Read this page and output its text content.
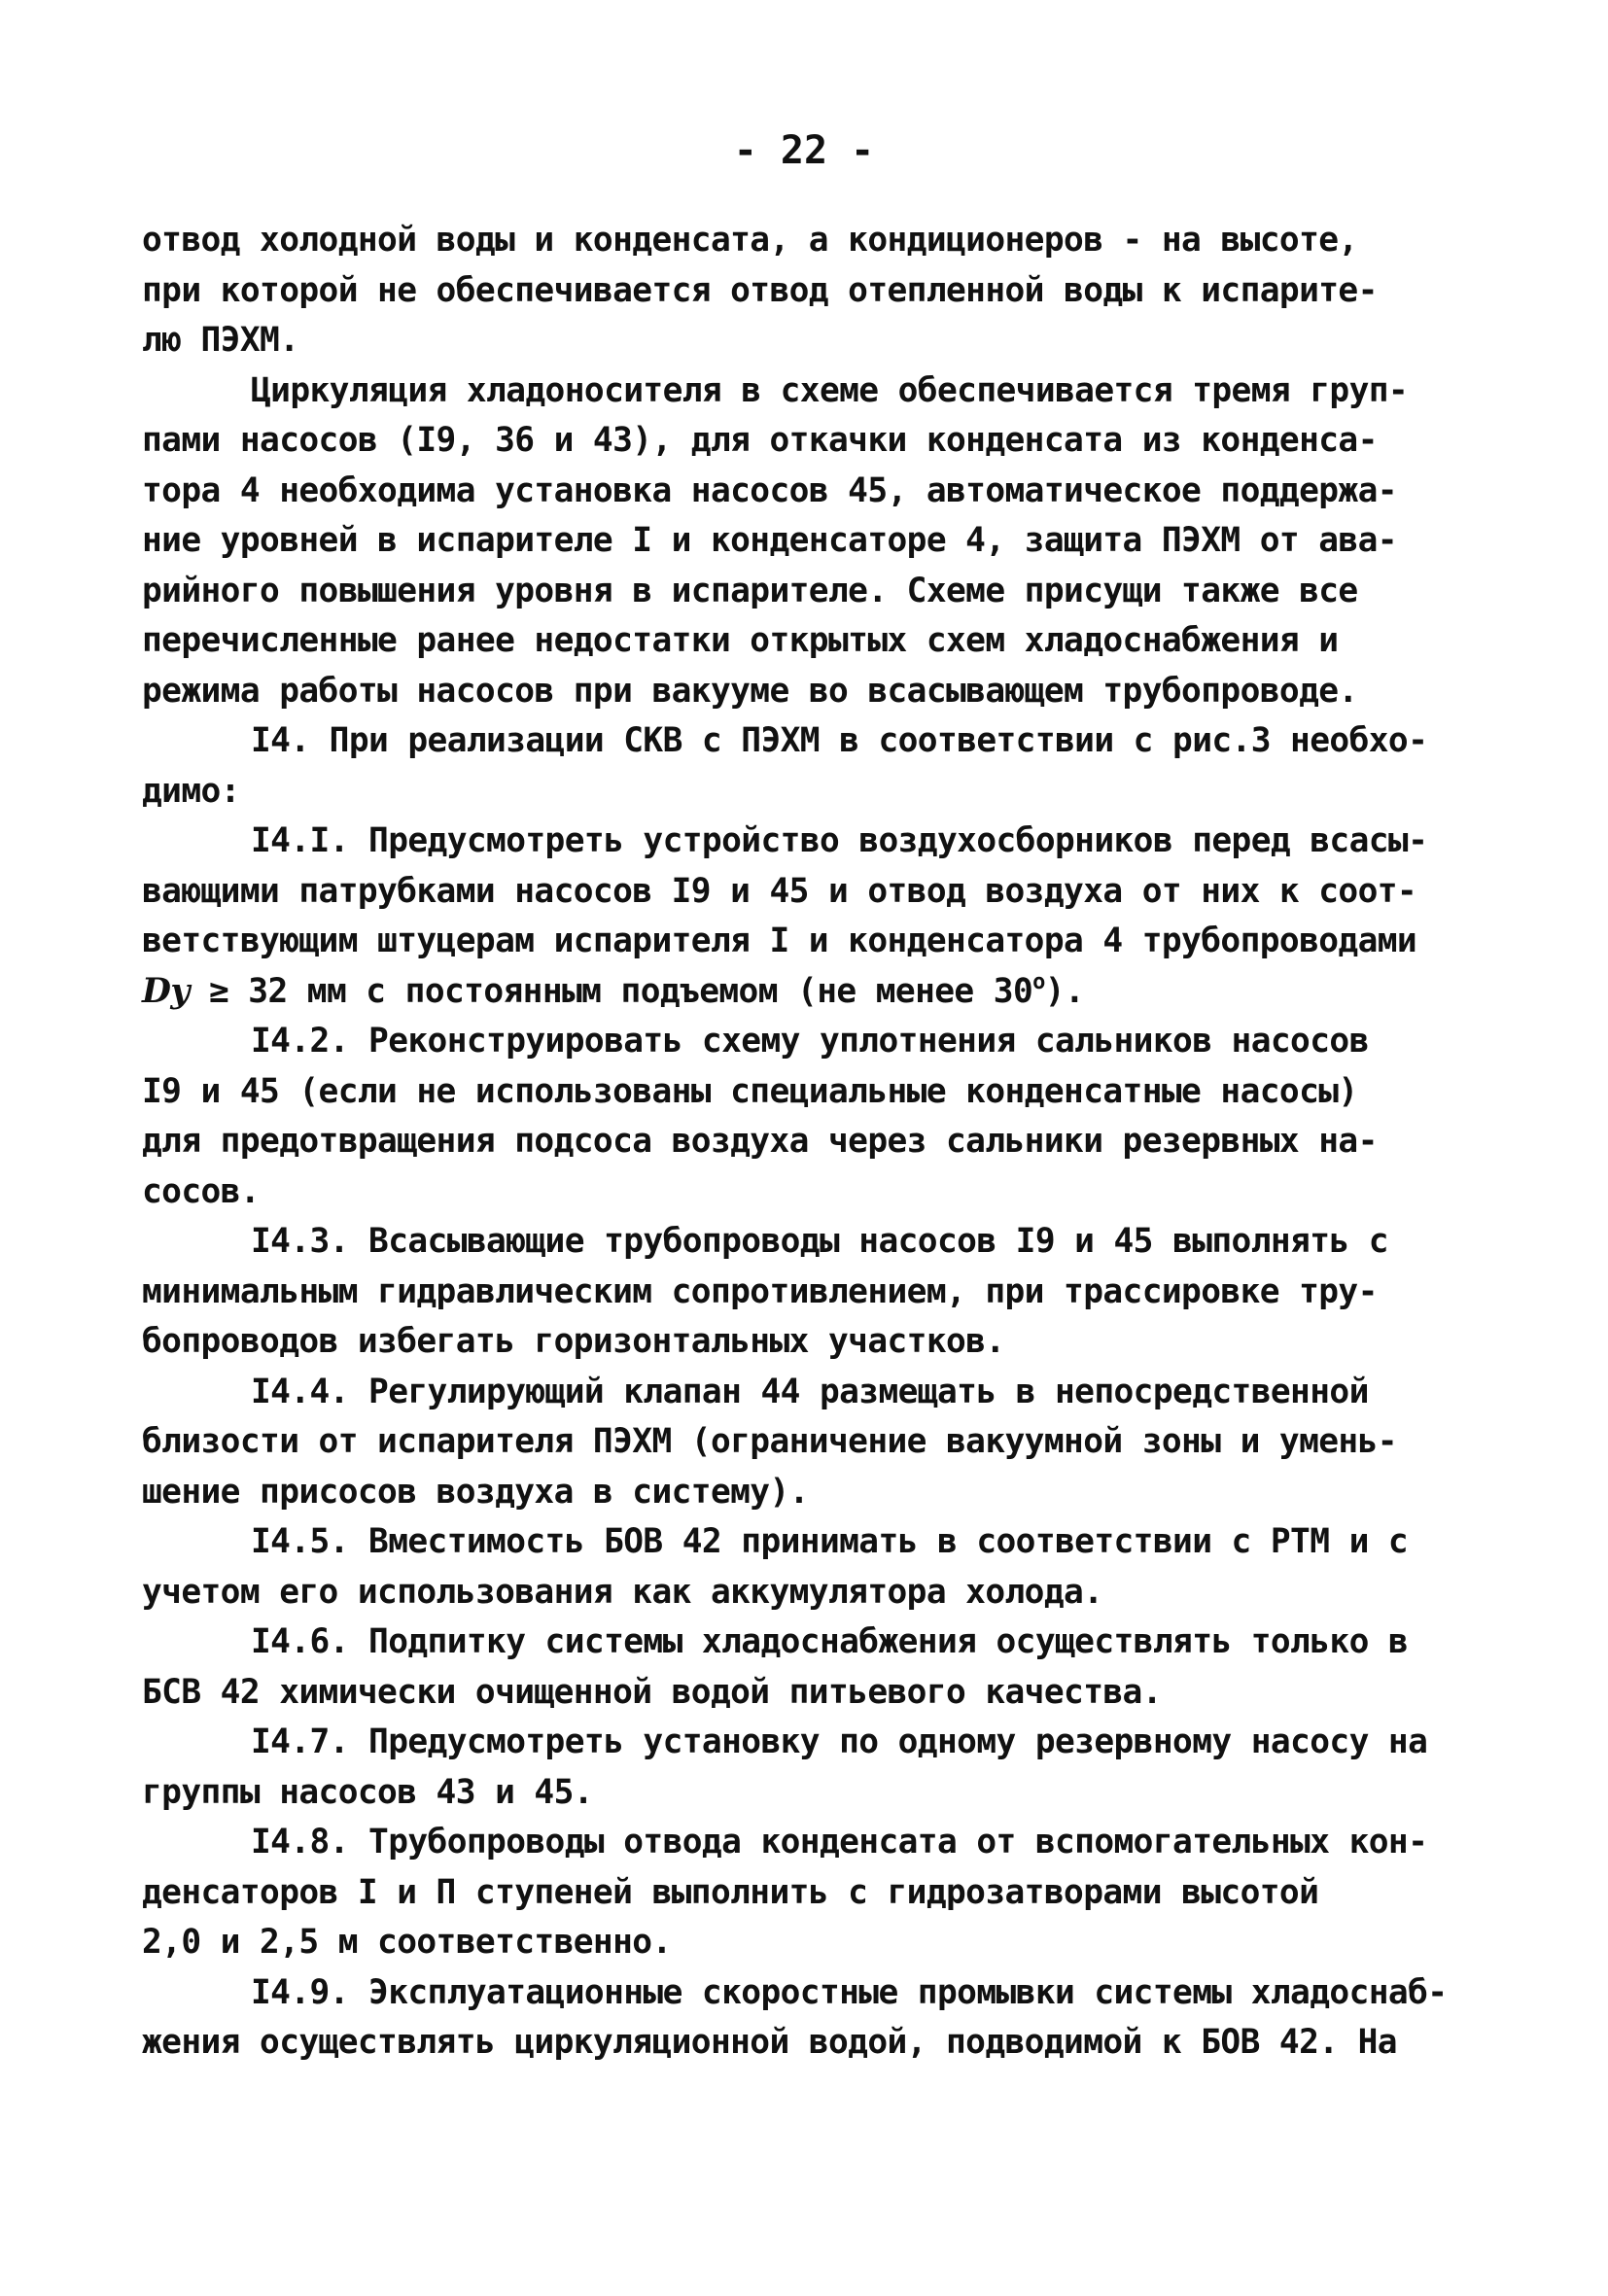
- 22 -
отвод холодной воды и конденсата, а кондиционеров - на высоте,
при которой не обеспечивается отвод отепленной воды к испарите-
лю ПЭХМ.
Циркуляция хладоносителя в схеме обеспечивается тремя груп-
пами насосов (I9, 36 и 43), для откачки конденсата из конденса-
тора 4 необходима установка насосов 45, автоматическое поддержа-
ние уровней в испарителе I и конденсаторе 4, защита ПЭХМ от ава-
рийного повышения уровня в испарителе. Схеме присущи также все
перечисленные ранее недостатки открытых схем хладоснабжения и
режима работы насосов при вакууме во всасывающем трубопроводе.
I4. При реализации СКВ с ПЭХМ в соответствии с рис.3 необхо-
димо:
I4.I. Предусмотреть устройство воздухосборников перед всасы-
вающими патрубками насосов I9 и 45 и отвод воздуха от них к соот-
ветствующим штуцерам испарителя I и конденсатора 4 трубопроводами
Dy ≥ 32 мм с постоянным подъемом (не менее $30^о$).
I4.2. Реконструировать схему уплотнения сальников насосов
I9 и 45 (если не использованы специальные конденсатные насосы)
для предотвращения подсоса воздуха через сальники резервных на-
сосов.
I4.3. Всасывающие трубопроводы насосов I9 и 45 выполнять с
минимальным гидравлическим сопротивлением, при трассировке тру-
бопроводов избегать горизонтальных участков.
I4.4. Регулирующий клапан 44 размещать в непосредственной
близости от испарителя ПЭХМ (ограничение вакуумной зоны и умень-
шение присосов воздуха в систему).
I4.5. Вместимость БОВ 42 принимать в соответствии с РТМ и с
учетом его использования как аккумулятора холода.
I4.6. Подпитку системы хладоснабжения осуществлять только в
БСВ 42 химически очищенной водой питьевого качества.
I4.7. Предусмотреть установку по одному резервному насосу на
группы насосов 43 и 45.
I4.8. Трубопроводы отвода конденсата от вспомогательных кон-
денсаторов I и П ступеней выполнить с гидрозатворами высотой
2,0 и 2,5 м соответственно.
I4.9. Эксплуатационные скоростные промывки системы хладоснаб-
жения осуществлять циркуляционной водой, подводимой к БОВ 42. На
